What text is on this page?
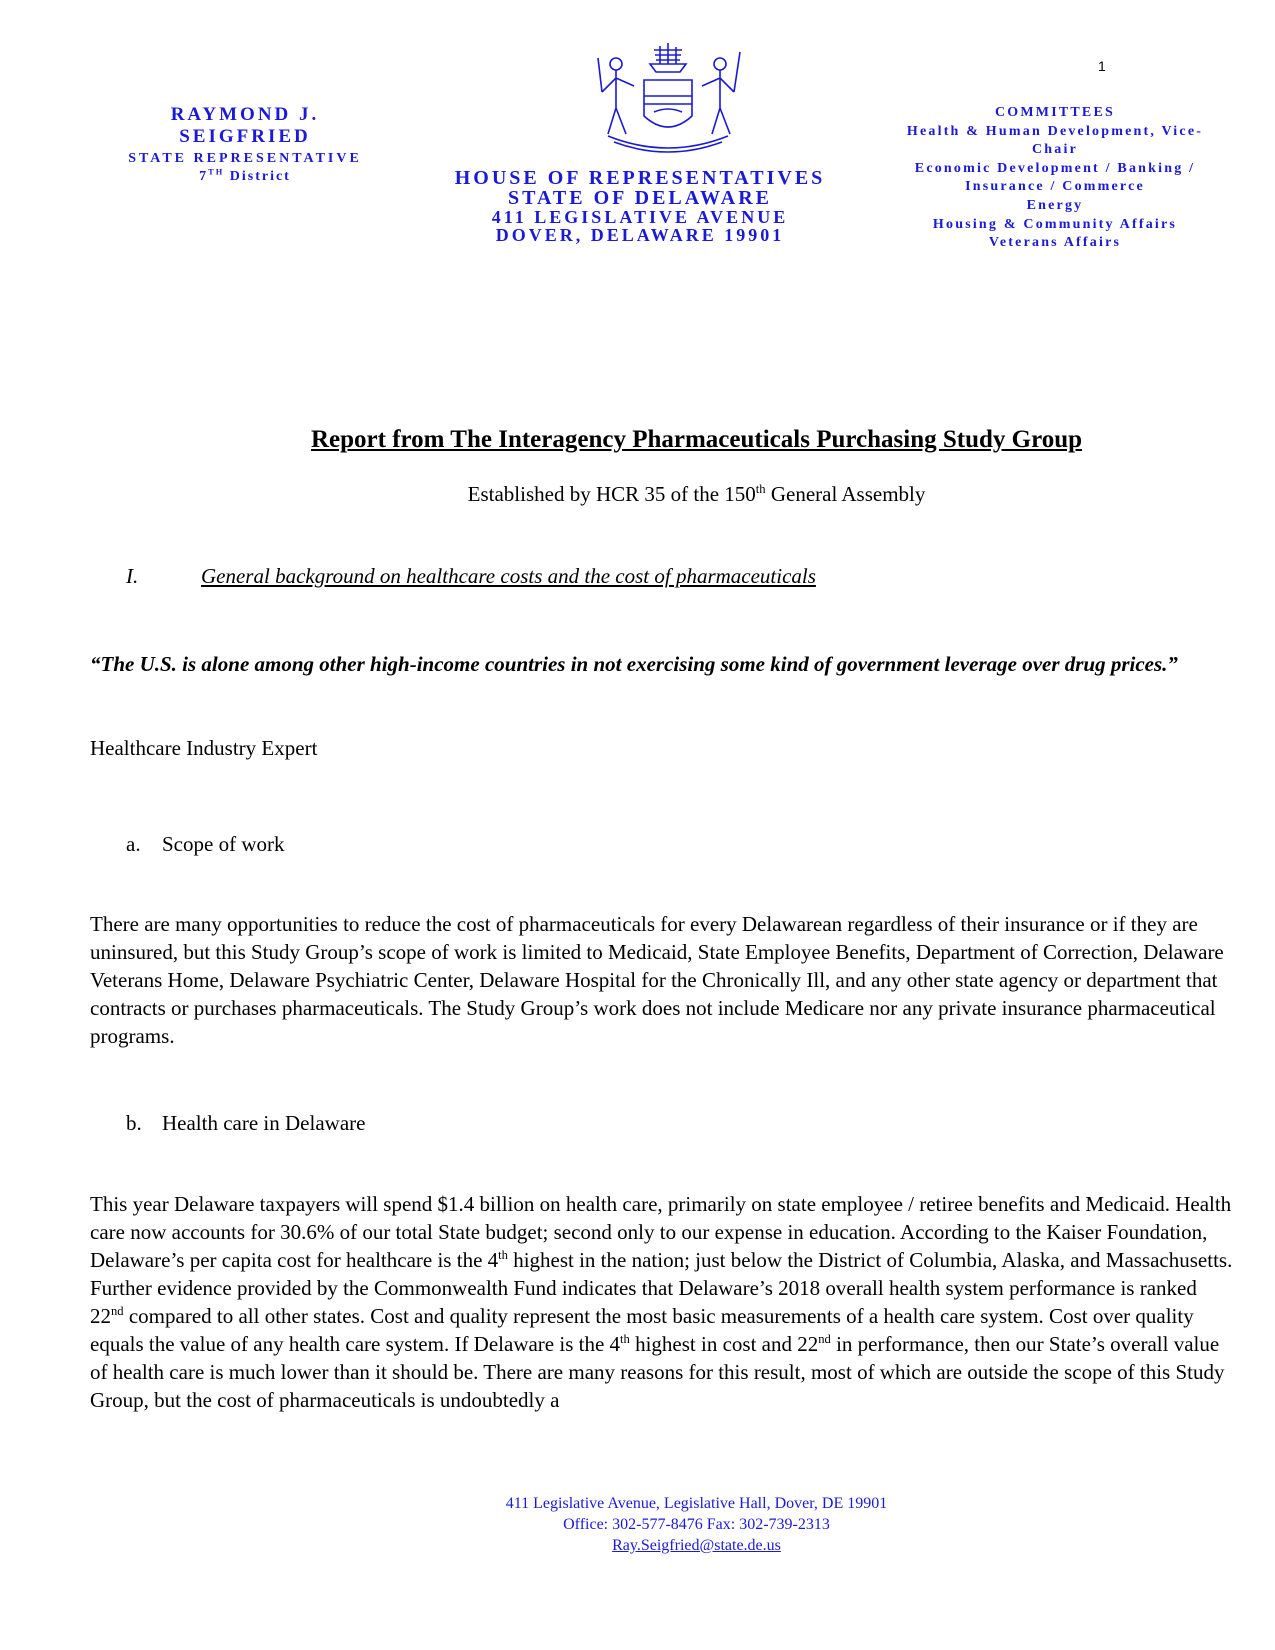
1
RAYMOND J.
SEIGFRIED
STATE REPRESENTATIVE
7TH District	HOUSE OF REPRESENTATIVES
STATE OF DELAWARE
411 LEGISLATIVE AVENUE
DOVER, DELAWARE 19901
COMMITTEES
Health & Human Development, Vice-
Chair
Economic Development / Banking /
Insurance / Commerce
Energy
Housing & Community Affairs
Veterans Affairs
Report from The Interagency Pharmaceuticals Purchasing Study Group
Established by HCR 35 of the 150th General Assembly
I.	General background on healthcare costs and the cost of pharmaceuticals
“The U.S. is alone among other high-income countries in not exercising some kind of government leverage over drug prices.”
Healthcare Industry Expert
a. Scope of work
There are many opportunities to reduce the cost of pharmaceuticals for every Delawarean regardless of their insurance or if they are uninsured, but this Study Group’s scope of work is limited to Medicaid, State Employee Benefits, Department of Correction, Delaware Veterans Home, Delaware Psychiatric Center, Delaware Hospital for the Chronically Ill, and any other state agency or department that contracts or purchases pharmaceuticals. The Study Group’s work does not include Medicare nor any private insurance pharmaceutical programs.
b. Health care in Delaware
This year Delaware taxpayers will spend $1.4 billion on health care, primarily on state employee / retiree benefits and Medicaid. Health care now accounts for 30.6% of our total State budget; second only to our expense in education. According to the Kaiser Foundation, Delaware’s per capita cost for healthcare is the 4th highest in the nation; just below the District of Columbia, Alaska, and Massachusetts. Further evidence provided by the Commonwealth Fund indicates that Delaware’s 2018 overall health system performance is ranked 22nd compared to all other states. Cost and quality represent the most basic measurements of a health care system. Cost over quality equals the value of any health care system. If Delaware is the 4th highest in cost and 22nd in performance, then our State’s overall value of health care is much lower than it should be. There are many reasons for this result, most of which are outside the scope of this Study Group, but the cost of pharmaceuticals is undoubtedly a
411 Legislative Avenue, Legislative Hall, Dover, DE 19901
Office: 302-577-8476 Fax: 302-739-2313
Ray.Seigfried@state.de.us
